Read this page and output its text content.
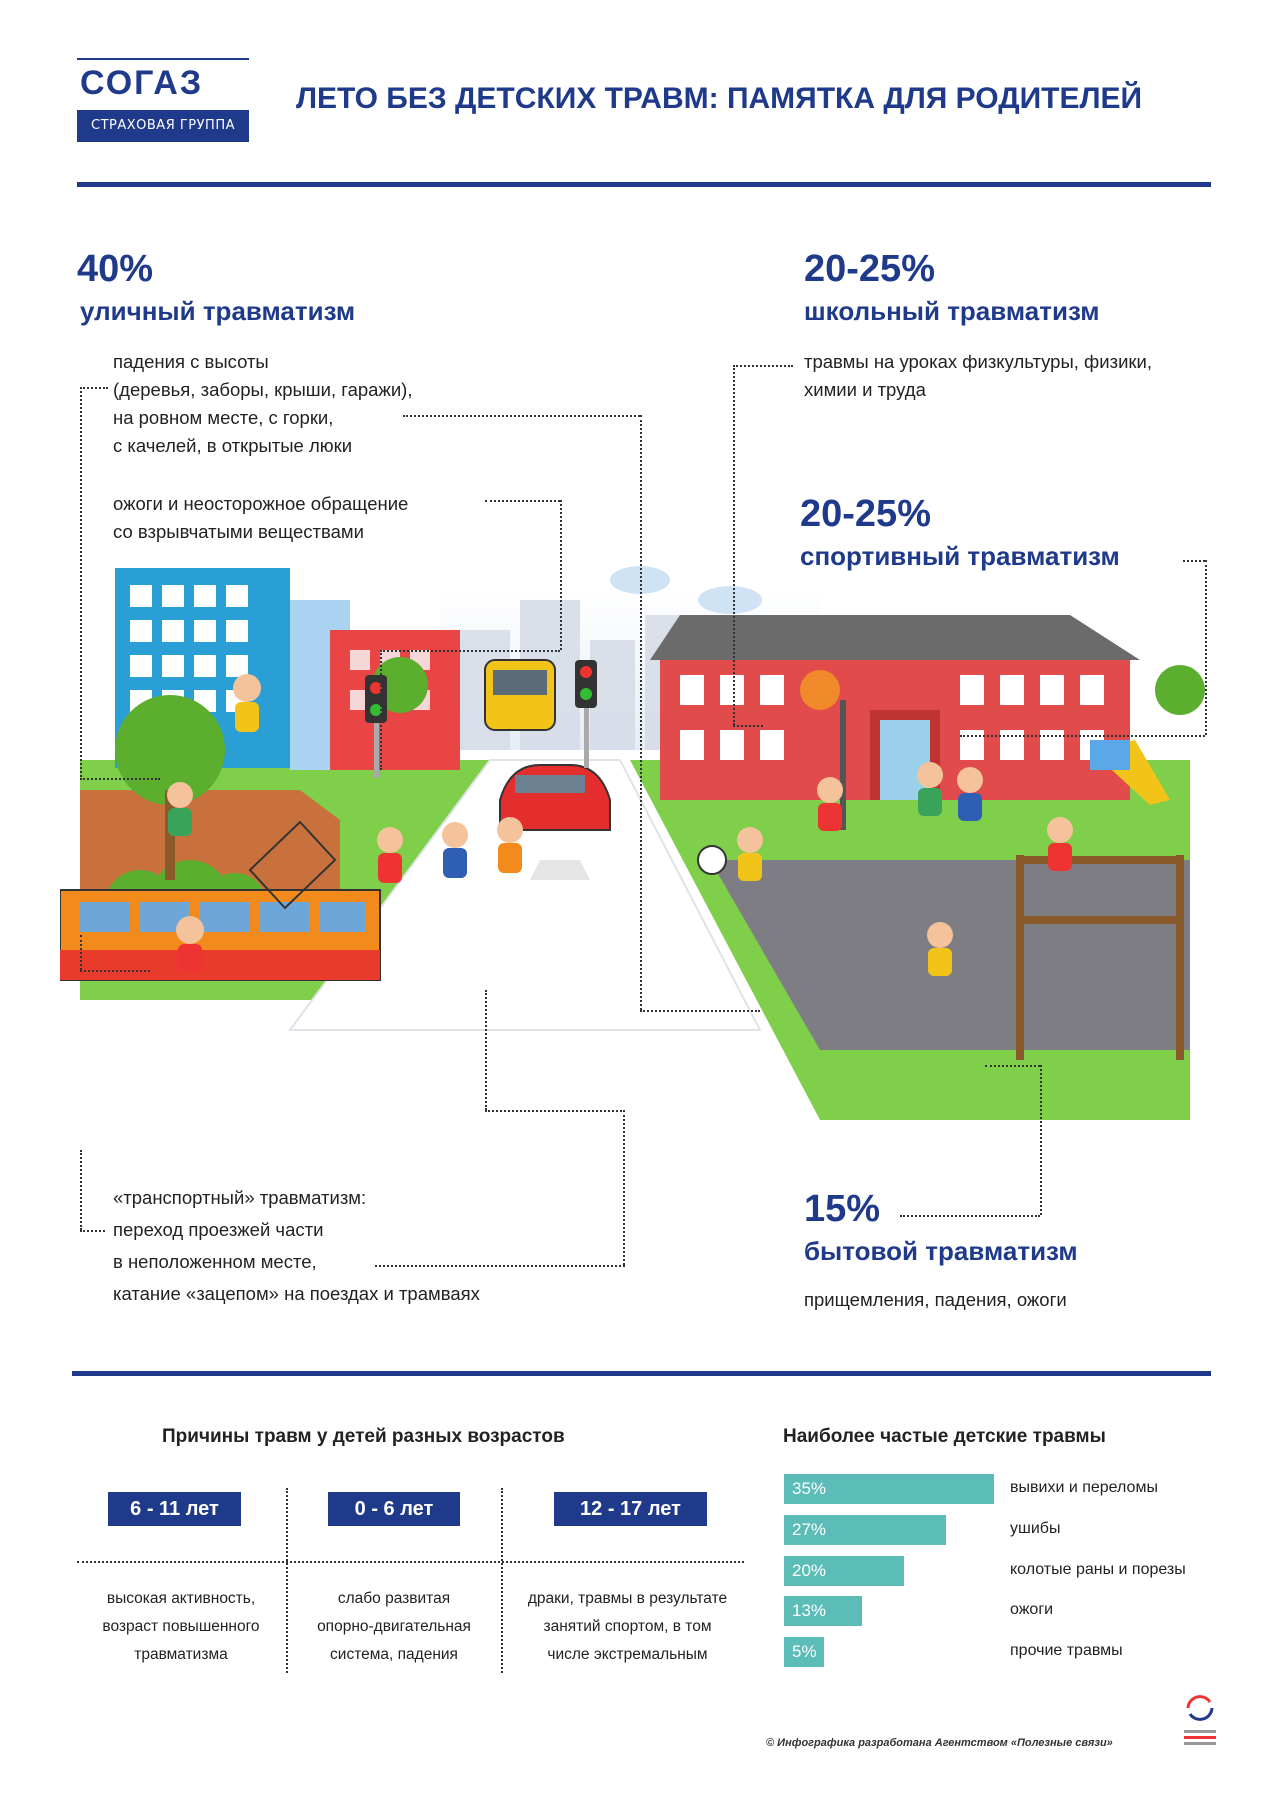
СОГАЗ
СТРАХОВАЯ ГРУППА
ЛЕТО БЕЗ ДЕТСКИХ ТРАВМ: ПАМЯТКА ДЛЯ РОДИТЕЛЕЙ
40%
уличный травматизм
падения с высоты
(деревья, заборы, крыши, гаражи),
на ровном месте, с горки,
с качелей, в открытые люки
ожоги и неосторожное обращение
со взрывчатыми веществами
«транспортный» травматизм:
переход проезжей части
в неположенном месте,
катание «зацепом» на поездах и трамваях
20-25%
школьный травматизм
травмы на уроках физкультуры, физики,
химии и труда
20-25%
спортивный травматизм
15%
бытовой травматизм
прищемления, падения, ожоги
Причины травм у детей разных возрастов
6 - 11 лет	0 - 6 лет	12 - 17 лет
высокая активность,
возраст повышенного
травматизма
слабо развитая
опорно-двигательная
система, падения
драки, травмы в результате
занятий спортом, в том
числе экстремальным
Наиболее частые детские травмы
35%
27%
20%
13%
5%
вывихи и переломы
ушибы
колотые раны и порезы
ожоги
прочие травмы
© Инфографика разработана Агентством «Полезные связи»
